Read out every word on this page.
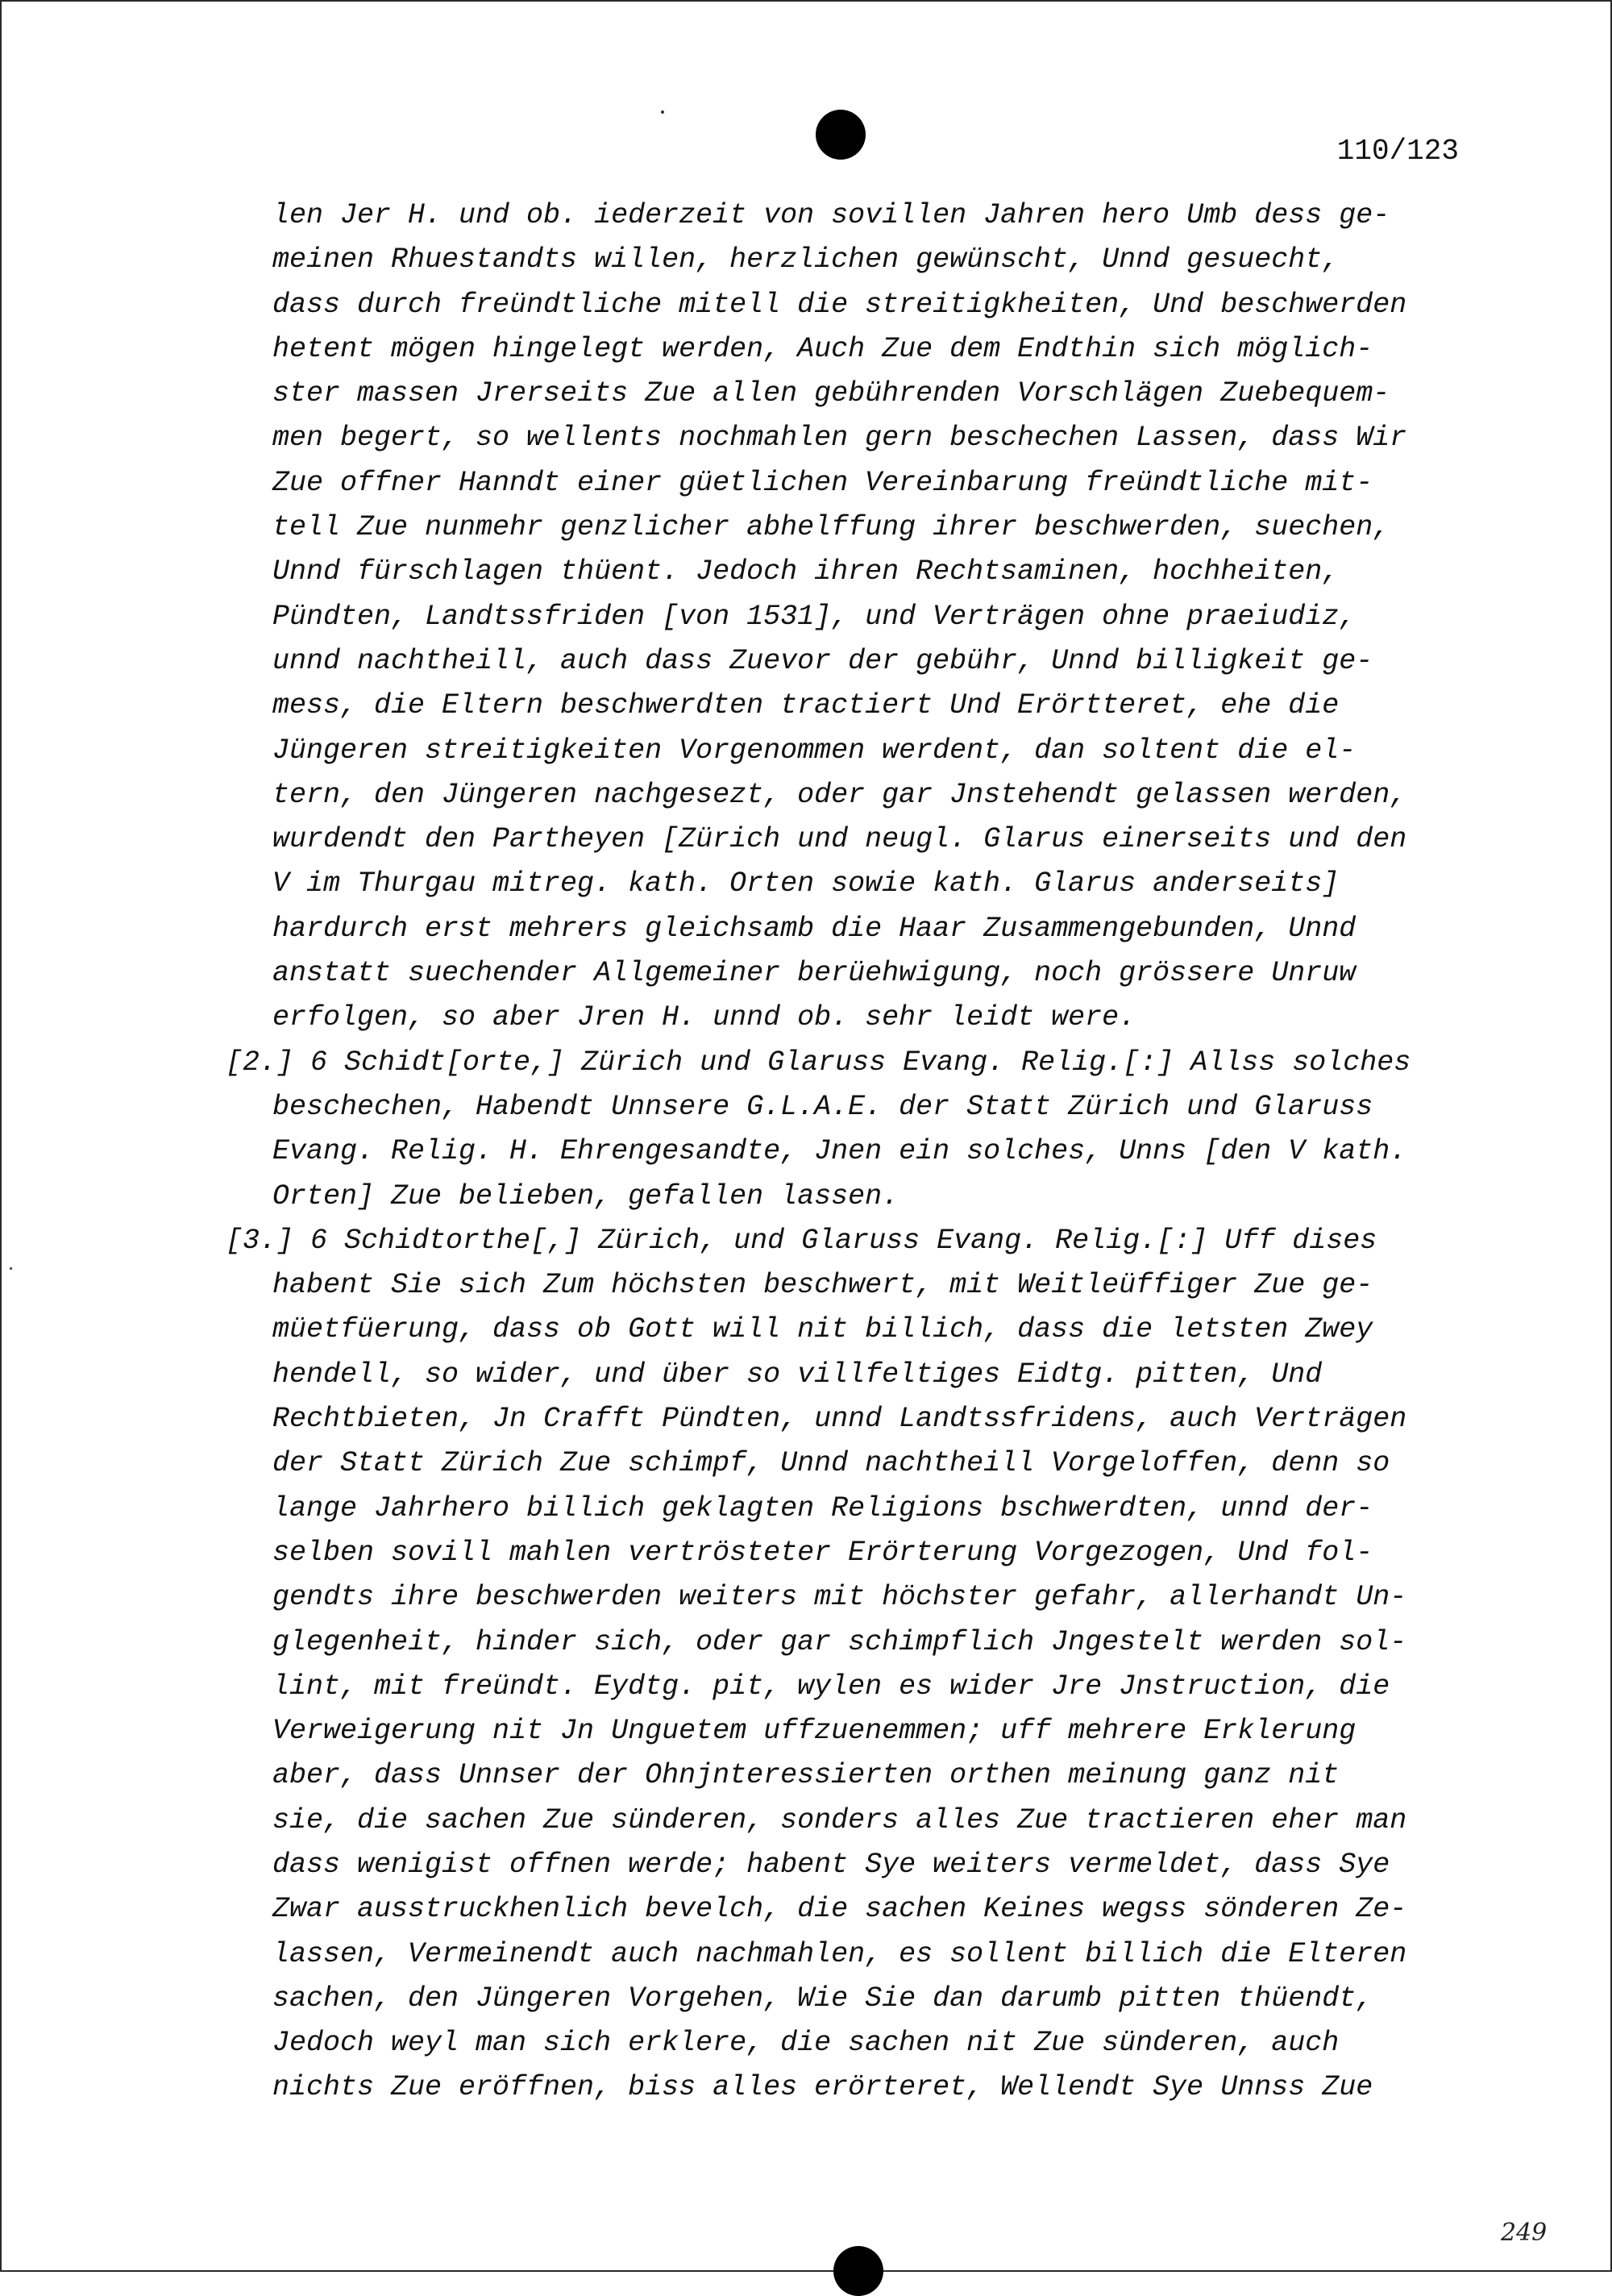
110/123
len Jer H. und ob. iederzeit von sovillen Jahren hero Umb dess ge-
meinen Rhuestandts willen, herzlichen gewünscht, Unnd gesuecht,
dass durch freündtliche mitell die streitigkheiten, Und beschwerden
hetent mögen hingelegt werden, Auch Zue dem Endthin sich möglich-
ster massen Jrerseits Zue allen gebührenden Vorschlägen Zuebequem-
men begert, so wellents nochmahlen gern beschechen Lassen, dass Wir
Zue offner Hanndt einer güetlichen Vereinbarung freündtliche mit-
tell Zue nunmehr genzlicher abhelffung ihrer beschwerden, suechen,
Unnd fürschlagen thüent. Jedoch ihren Rechtsaminen, hochheiten,
Pündten, Landtssfriden [von 1531], und Verträgen ohne praeiudiz,
unnd nachtheill, auch dass Zuevor der gebühr, Unnd billigkeit ge-
mess, die Eltern beschwerdten tractiert Und Erörtteret, ehe die
Jüngeren streitigkeiten Vorgenommen werdent, dan soltent die el-
tern, den Jüngeren nachgesezt, oder gar Jnstehendt gelassen werden,
wurdendt den Partheyen [Zürich und neugl. Glarus einerseits und den
V im Thurgau mitreg. kath. Orten sowie kath. Glarus anderseits]
hardurch erst mehrers gleichsamb die Haar Zusammengebunden, Unnd
anstatt suechender Allgemeiner berüehwigung, noch grössere Unruw
erfolgen, so aber Jren H. unnd ob. sehr leidt were.
[2.] 6 Schidt[orte,] Zürich und Glaruss Evang. Relig.[:] Allss solches
beschechen, Habendt Unnsere G.L.A.E. der Statt Zürich und Glaruss
Evang. Relig. H. Ehrengesandte, Jnen ein solches, Unns [den V kath.
Orten] Zue belieben, gefallen lassen.
[3.] 6 Schidtorthe[,] Zürich, und Glaruss Evang. Relig.[:] Uff dises
habent Sie sich Zum höchsten beschwert, mit Weitleüffiger Zue ge-
müetfüerung, dass ob Gott will nit billich, dass die letsten Zwey
hendell, so wider, und über so villfeltiges Eidtg. pitten, Und
Rechtbieten, Jn Crafft Pündten, unnd Landtssfridens, auch Verträgen
der Statt Zürich Zue schimpf, Unnd nachtheill Vorgeloffen, denn so
lange Jahrhero billich geklagten Religions bschwerdten, unnd der-
selben sovill mahlen vertrösteter Erörterung Vorgezogen, Und fol-
gendts ihre beschwerden weiters mit höchster gefahr, allerhandt Un-
glegenheit, hinder sich, oder gar schimpflich Jngestelt werden sol-
lint, mit freündt. Eydtg. pit, wylen es wider Jre Jnstruction, die
Verweigerung nit Jn Unguetem uffzuenemmen; uff mehrere Erklerung
aber, dass Unnser der Ohnjnteressierten orthen meinung ganz nit
sie, die sachen Zue sünderen, sonders alles Zue tractieren eher man
dass wenigist offnen werde; habent Sye weiters vermeldet, dass Sye
Zwar ausstruckhenlich bevelch, die sachen Keines wegss sönderen Ze-
lassen, Vermeinendt auch nachmahlen, es sollent billich die Elteren
sachen, den Jüngeren Vorgehen, Wie Sie dan darumb pitten thüendt,
Jedoch weyl man sich erklere, die sachen nit Zue sünderen, auch
nichts Zue eröffnen, biss alles erörteret, Wellendt Sye Unnss Zue
249
